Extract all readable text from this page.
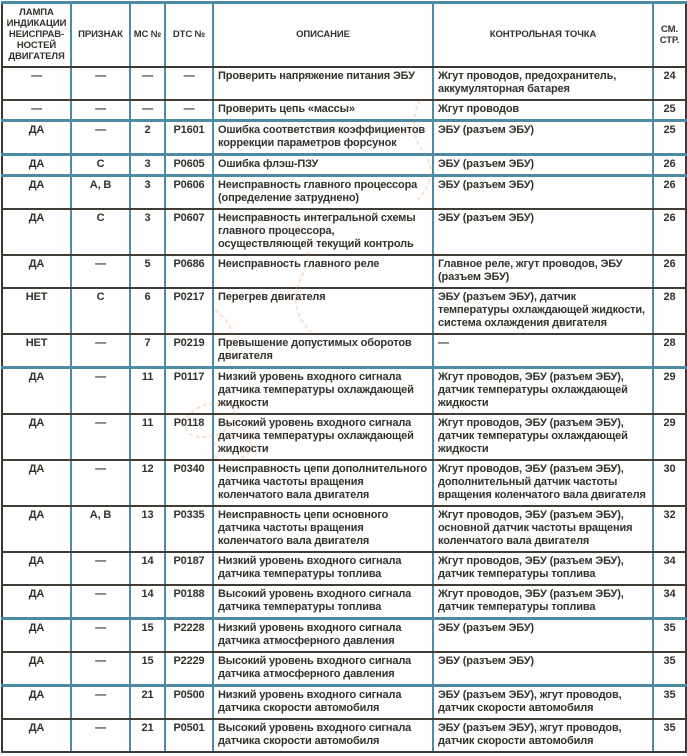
ЛАМПА ИНДИКАЦИИ НЕИСПРАВ-НОСТЕЙ ДВИГАТЕЛЯ	ПРИЗНАК	МС №	DTC №	ОПИСАНИЕ	КОНТРОЛЬНАЯ ТОЧКА	СМ. СТР.
—	—	—	—	Проверить напряжение питания ЭБУ	Жгут проводов, предохранитель, аккумуляторная батарея	24
—	—	—	—	Проверить цепь «массы»	Жгут проводов	25
ДА	—	2	P1601	Ошибка соответствия коэффициентов коррекции параметров форсунок	ЭБУ (разъем ЭБУ)	25
ДА	С	3	P0605	Ошибка флэш-ПЗУ	ЭБУ (разъем ЭБУ)	26
ДА	А, В	3	P0606	Неисправность главного процессора (определение затруднено)	ЭБУ (разъем ЭБУ)	26
ДА	С	3	P0607	Неисправность интегральной схемы главного процессора, осуществляющей текущий контроль	ЭБУ (разъем ЭБУ)	26
ДА	—	5	P0686	Неисправность главного реле	Главное реле, жгут проводов, ЭБУ (разъем ЭБУ)	26
НЕТ	С	6	P0217	Перегрев двигателя	ЭБУ (разъем ЭБУ), датчик температуры охлаждающей жидкости, система охлаждения двигателя	28
НЕТ	—	7	P0219	Превышение допустимых оборотов двигателя	—	28
ДА	—	11	P0117	Низкий уровень входного сигнала датчика температуры охлаждающей жидкости	Жгут проводов, ЭБУ (разъем ЭБУ), датчик температуры охлаждающей жидкости	29
ДА	—	11	P0118	Высокий уровень входного сигнала датчика температуры охлаждающей жидкости	Жгут проводов, ЭБУ (разъем ЭБУ), датчик температуры охлаждающей жидкости	29
ДА	—	12	P0340	Неисправность цепи дополнительного датчика частоты вращения коленчатого вала двигателя	Жгут проводов, ЭБУ (разъем ЭБУ), дополнительный датчик частоты вращения коленчатого вала двигателя	30
ДА	А, В	13	P0335	Неисправность цепи основного датчика частоты вращения коленчатого вала двигателя	Жгут проводов, ЭБУ (разъем ЭБУ), основной датчик частоты вращения коленчатого вала двигателя	32
ДА	—	14	P0187	Низкий уровень входного сигнала датчика температуры топлива	Жгут проводов, ЭБУ (разъем ЭБУ), датчик температуры топлива	34
ДА	—	14	P0188	Высокий уровень входного сигнала датчика температуры топлива	Жгут проводов, ЭБУ (разъем ЭБУ), датчик температуры топлива	34
ДА	—	15	P2228	Низкий уровень входного сигнала датчика атмосферного давления	ЭБУ (разъем ЭБУ)	35
ДА	—	15	P2229	Высокий уровень входного сигнала датчика атмосферного давления	ЭБУ (разъем ЭБУ)	35
ДА	—	21	P0500	Низкий уровень входного сигнала датчика скорости автомобиля	ЭБУ (разъем ЭБУ), жгут проводов, датчик скорости автомобиля	35
ДА	—	21	P0501	Высокий уровень входного сигнала датчика скорости автомобиля	ЭБУ (разъем ЭБУ), жгут проводов, датчик скорости автомобиля	35
